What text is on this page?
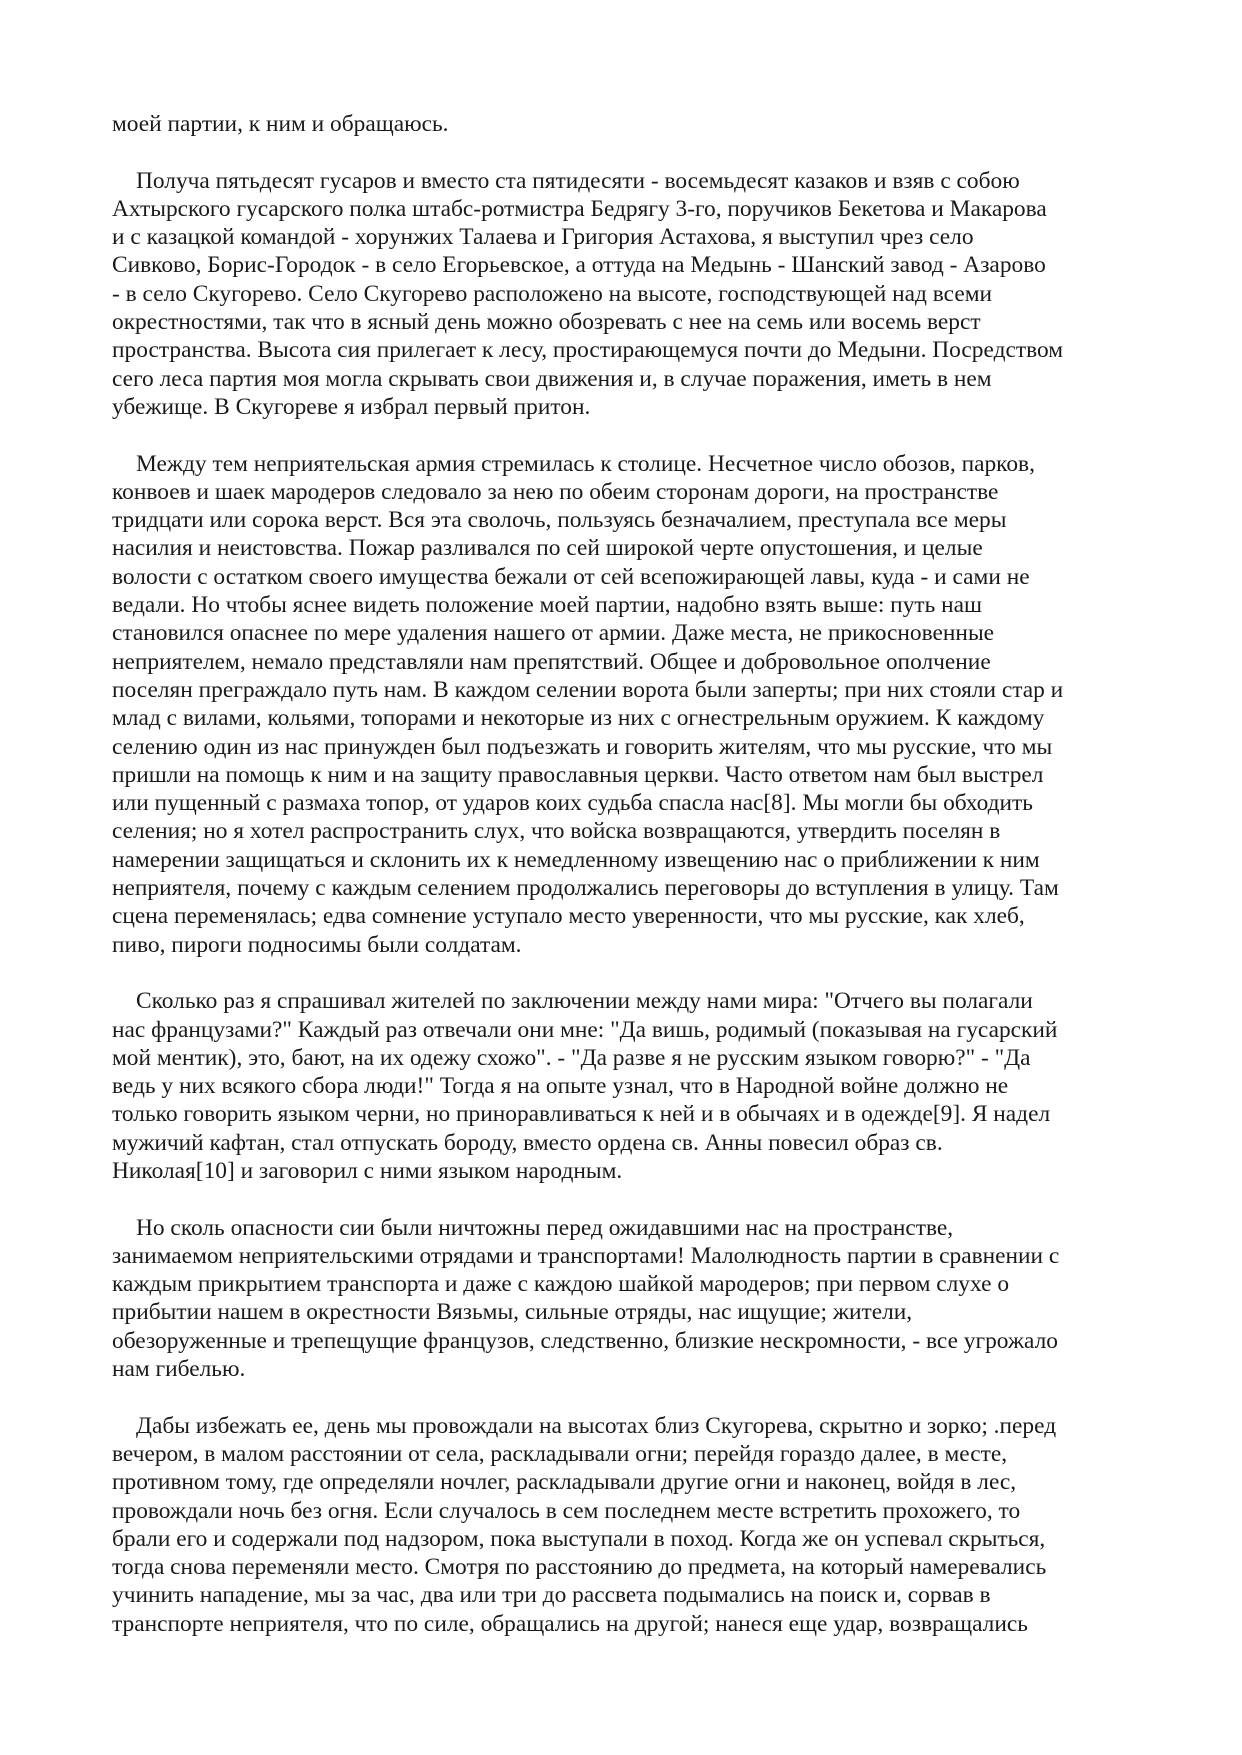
моей партии, к ним и обращаюсь.

Получа пятьдесят гусаров и вместо ста пятидесяти - восемьдесят казаков и взяв с собою
Ахтырского гусарского полка штабс-ротмистра Бедрягу 3-го, поручиков Бекетова и Макарова
и с казацкой командой - хорунжих Талаева и Григория Астахова, я выступил чрез село
Сивково, Борис-Городок - в село Егорьевское, а оттуда на Медынь - Шанский завод - Азарово
- в село Скугорево. Село Скугорево расположено на высоте, господствующей над всеми
окрестностями, так что в ясный день можно обозревать с нее на семь или восемь верст
пространства. Высота сия прилегает к лесу, простирающемуся почти до Медыни. Посредством
сего леса партия моя могла скрывать свои движения и, в случае поражения, иметь в нем
убежище. В Скугореве я избрал первый притон.

Между тем неприятельская армия стремилась к столице. Несчетное число обозов, парков,
конвоев и шаек мародеров следовало за нею по обеим сторонам дороги, на пространстве
тридцати или сорока верст. Вся эта сволочь, пользуясь безначалием, преступала все меры
насилия и неистовства. Пожар разливался по сей широкой черте опустошения, и целые
волости с остатком своего имущества бежали от сей всепожирающей лавы, куда - и сами не
ведали. Но чтобы яснее видеть положение моей партии, надобно взять выше: путь наш
становился опаснее по мере удаления нашего от армии. Даже места, не прикосновенные
неприятелем, немало представляли нам препятствий. Общее и добровольное ополчение
поселян преграждало путь нам. В каждом селении ворота были заперты; при них стояли стар и
млад с вилами, кольями, топорами и некоторые из них с огнестрельным оружием. К каждому
селению один из нас принужден был подъезжать и говорить жителям, что мы русские, что мы
пришли на помощь к ним и на защиту православныя церкви. Часто ответом нам был выстрел
или пущенный с размаха топор, от ударов коих судьба спасла нас[8]. Мы могли бы обходить
селения; но я хотел распространить слух, что войска возвращаются, утвердить поселян в
намерении защищаться и склонить их к немедленному извещению нас о приближении к ним
неприятеля, почему с каждым селением продолжались переговоры до вступления в улицу. Там
сцена переменялась; едва сомнение уступало место уверенности, что мы русские, как хлеб,
пиво, пироги подносимы были солдатам.

Сколько раз я спрашивал жителей по заключении между нами мира: "Отчего вы полагали
нас французами?" Каждый раз отвечали они мне: "Да вишь, родимый (показывая на гусарский
мой ментик), это, бают, на их одежу схожо". - "Да разве я не русским языком говорю?" - "Да
ведь у них всякого сбора люди!" Тогда я на опыте узнал, что в Народной войне должно не
только говорить языком черни, но приноравливаться к ней и в обычаях и в одежде[9]. Я надел
мужичий кафтан, стал отпускать бороду, вместо ордена св. Анны повесил образ св.
Николая[10] и заговорил с ними языком народным.

Но сколь опасности сии были ничтожны перед ожидавшими нас на пространстве,
занимаемом неприятельскими отрядами и транспортами! Малолюдность партии в сравнении с
каждым прикрытием транспорта и даже с каждою шайкой мародеров; при первом слухе о
прибытии нашем в окрестности Вязьмы, сильные отряды, нас ищущие; жители,
обезоруженные и трепещущие французов, следственно, близкие нескромности, - все угрожало
нам гибелью.

Дабы избежать ее, день мы провождали на высотах близ Скугорева, скрытно и зорко; .перед
вечером, в малом расстоянии от села, раскладывали огни; перейдя гораздо далее, в месте,
противном тому, где определяли ночлег, раскладывали другие огни и наконец, войдя в лес,
провождали ночь без огня. Если случалось в сем последнем месте встретить прохожего, то
брали его и содержали под надзором, пока выступали в поход. Когда же он успевал скрыться,
тогда снова переменяли место. Смотря по расстоянию до предмета, на который намеревались
учинить нападение, мы за час, два или три до рассвета подымались на поиск и, сорвав в
транспорте неприятеля, что по силе, обращались на другой; нанеся еще удар, возвращались
